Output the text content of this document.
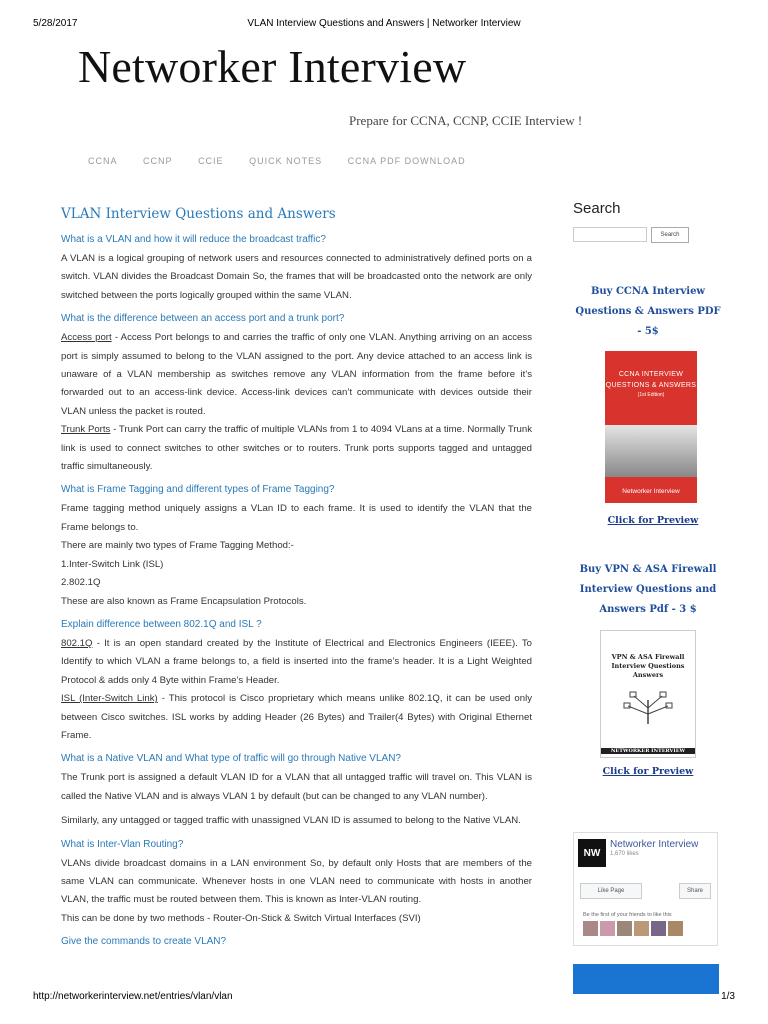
5/28/2017	VLAN Interview Questions and Answers | Networker Interview
Networker Interview
Prepare for CCNA, CCNP, CCIE Interview !
CCNA	CCNP	CCIE	QUICK NOTES	CCNA PDF DOWNLOAD
VLAN Interview Questions and Answers
What is a VLAN and how it will reduce the broadcast traffic?

A VLAN is a logical grouping of network users and resources connected to administratively defined ports on a switch. VLAN divides the Broadcast Domain So, the frames that will be broadcasted onto the network are only switched between the ports logically grouped within the same VLAN.

What is the difference between an access port and a trunk port?

Access port - Access Port belongs to and carries the traffic of only one VLAN. Anything arriving on an access port is simply assumed to belong to the VLAN assigned to the port. Any device attached to an access link is unaware of a VLAN membership as switches remove any VLAN information from the frame before it’s forwarded out to an access-link device. Access-link devices can’t communicate with devices outside their VLAN unless the packet is routed.

Trunk Ports - Trunk Port can carry the traffic of multiple VLANs from 1 to 4094 VLans at a time. Normally Trunk link is used to connect switches to other switches or to routers. Trunk ports supports tagged and untagged traffic simultaneously.

What is Frame Tagging and different types of Frame Tagging?

Frame tagging method uniquely assigns a VLan ID to each frame. It is used to identify the VLAN that the Frame belongs to.

There are mainly two types of Frame Tagging Method:-

1.Inter-Switch Link (ISL)

2.802.1Q

These are also known as Frame Encapsulation Protocols.

Explain difference between 802.1Q and ISL ?

802.1Q - It is an open standard created by the Institute of Electrical and Electronics Engineers (IEEE). To Identify to which VLAN a frame belongs to, a field is inserted into the frame’s header. It is a Light Weighted Protocol & adds only 4 Byte within Frame’s Header.

ISL (Inter-Switch Link) - This protocol is Cisco proprietary which means unlike 802.1Q, it can be used only between Cisco switches. ISL works by adding Header (26 Bytes) and Trailer(4 Bytes) with Original Ethernet Frame.

What is a Native VLAN and What type of traffic will go through Native VLAN?

The Trunk port is assigned a default VLAN ID for a VLAN that all untagged traffic will travel on. This VLAN is called the Native VLAN and is always VLAN 1 by default (but can be changed to any VLAN number).

Similarly, any untagged or tagged traffic with unassigned VLAN ID is assumed to belong to the Native VLAN.

What is Inter-Vlan Routing?

VLANs divide broadcast domains in a LAN environment So, by default only Hosts that are members of the same VLAN can communicate. Whenever hosts in one VLAN need to communicate with hosts in another VLAN, the traffic must be routed between them. This is known as Inter-VLAN routing.

This can be done by two methods - Router-On-Stick & Switch Virtual Interfaces (SVI)

Give the commands to create VLAN?
Search
Search
Buy CCNA Interview Questions & Answers PDF - 5$
CCNA INTERVIEW QUESTIONS & ANSWERS
(1st Edition)
Networker Interview
Click for Preview
Buy VPN & ASA Firewall Interview Questions and Answers Pdf - 3 $
VPN & ASA Firewall Interview Questions Answers
NETWORKER INTERVIEW
Click for Preview
NW
Networker Interview
1,670 likes
Like Page	Share
Be the first of your friends to like this
http://networkerinterview.net/entries/vlan/vlan	1/3
